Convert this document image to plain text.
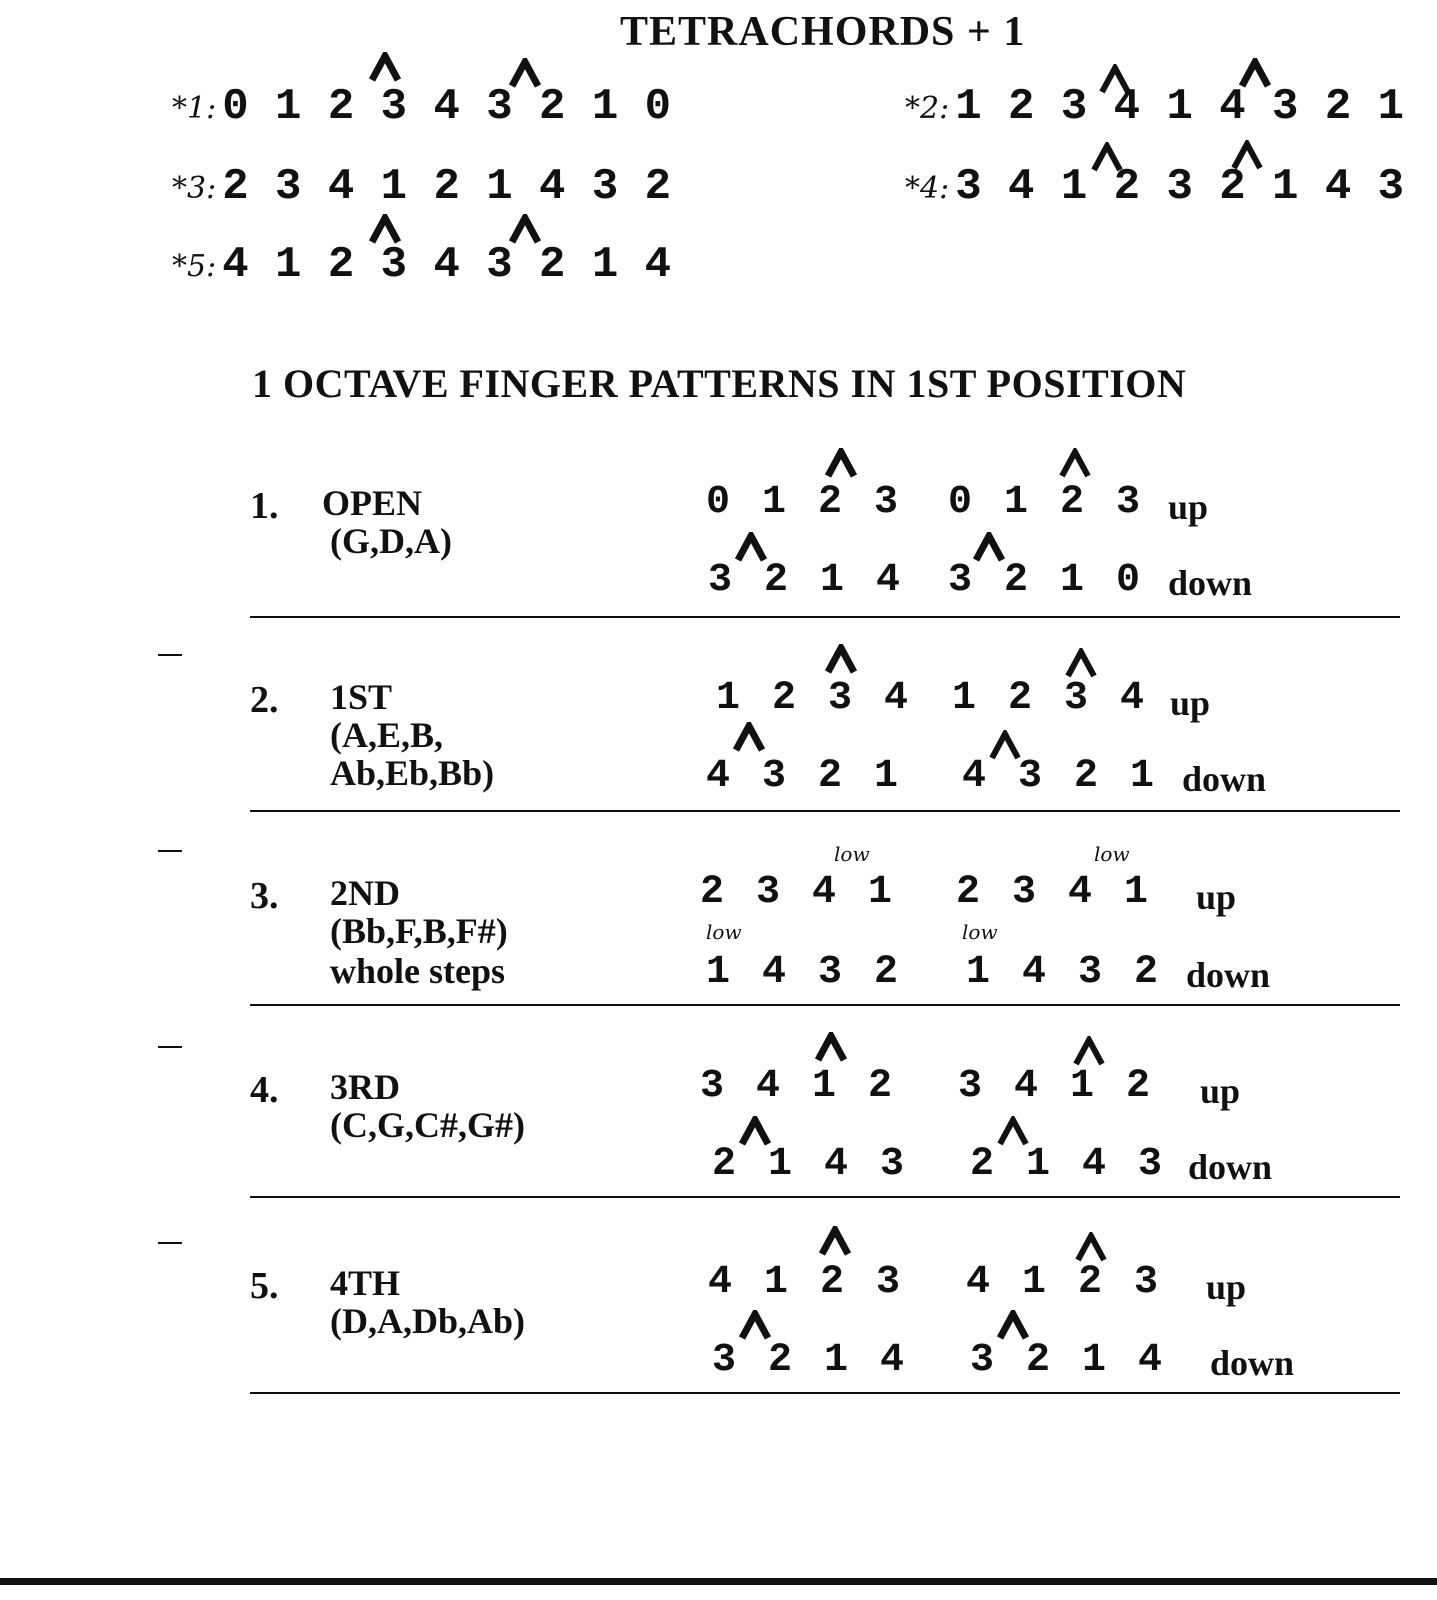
TETRACHORDS + 1
*1: 0 1 2 3 4 3 2 1 0	*2: 1 2 3 4 1 4 3 2 1
*3: 2 3 4 1 2 1 4 3 2	*4: 3 4 1 2 3 2 1 4 3
*5: 4 1 2 3 4 3 2 1 4
1 OCTAVE FINGER PATTERNS IN 1ST POSITION
1. OPEN
(G,D,A)
0 1 2 3 0 1 2 3 up
3 2 1 4 3 2 1 0 down
2. 1ST
(A,E,B,
Ab,Eb,Bb)
1 2 3 4 1 2 3 4 up
4 3 2 1 4 3 2 1 down
3. 2ND
(Bb,F,B,F#)
whole steps
low	low
2 3 4 1 2 3 4 1 up
low	low
1 4 3 2 1 4 3 2 down
4. 3RD
(C,G,C#,G#)
3 4 1 2 3 4 1 2 up
2 1 4 3 2 1 4 3 down
5. 4TH
(D,A,Db,Ab)
4 1 2 3 4 1 2 3 up
3 2 1 4 3 2 1 4 down
